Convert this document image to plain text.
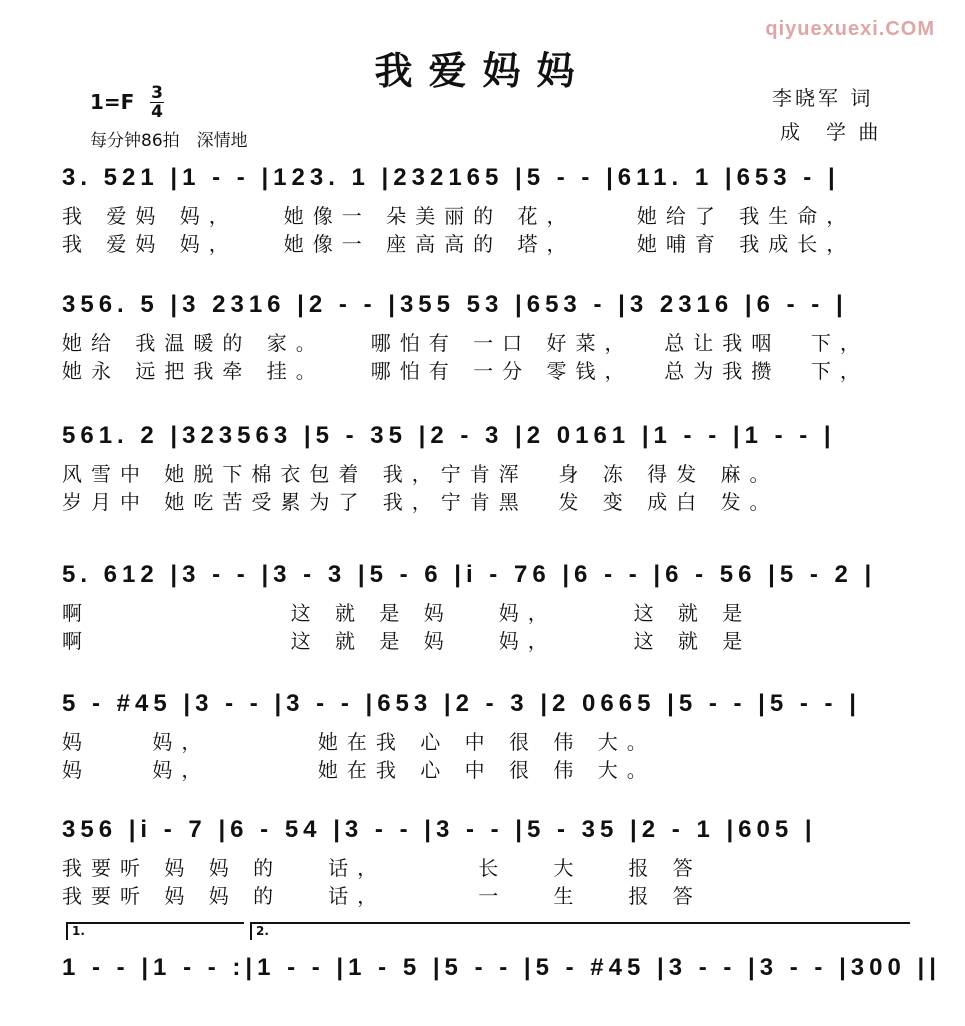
qiyuexuexi.COM
我爱妈妈
$1=F \frac{3}{4}$
每分钟86拍　深情地
李晓军 词
成　学 曲
3. 521 |1 - - |123. 1 |232165 |5 - - |611. 1 |653 - |
我 爱妈 妈，   她像一 朵美丽的 花，    她给了 我生命，
我 爱妈 妈，   她像一 座高高的 塔，    她哺育 我成长，
356. 5 |3 2316 |2 - - |355 53 |653 - |3 2316 |6 - - |
她给 我温暖的 家。   哪怕有 一口 好菜，  总让我咽  下，
她永 远把我牵 挂。   哪怕有 一分 零钱，  总为我攒  下，
561. 2 |323563 |5 - 35 |2 - 3 |2 0161 |1 - - |1 - - |
风雪中 她脱下棉衣包着 我，宁肯浑  身 冻 得发 麻。
岁月中 她吃苦受累为了 我，宁肯黑  发 变 成白 发。
5. 612 |3 - - |3 - 3 |5 - 6 |i - 76 |6 - - |6 - 56 |5 - 2 |
啊             这 就 是 妈   妈，     这 就 是
啊             这 就 是 妈   妈，     这 就 是
5 - #45 |3 - - |3 - - |653 |2 - 3 |2 0665 |5 - - |5 - - |
妈    妈，       她在我 心 中 很 伟 大。
妈    妈，       她在我 心 中 很 伟 大。
356 |i - 7 |6 - 54 |3 - - |3 - - |5 - 35 |2 - 1 |605 |
我要听 妈 妈 的   话，      长   大   报 答
我要听 妈 妈 的   话，      一   生   报 答
1.	2.
1 - - |1 - - :|1 - - |1 - 5 |5 - - |5 - #45 |3 - - |3 - - |300 ||
